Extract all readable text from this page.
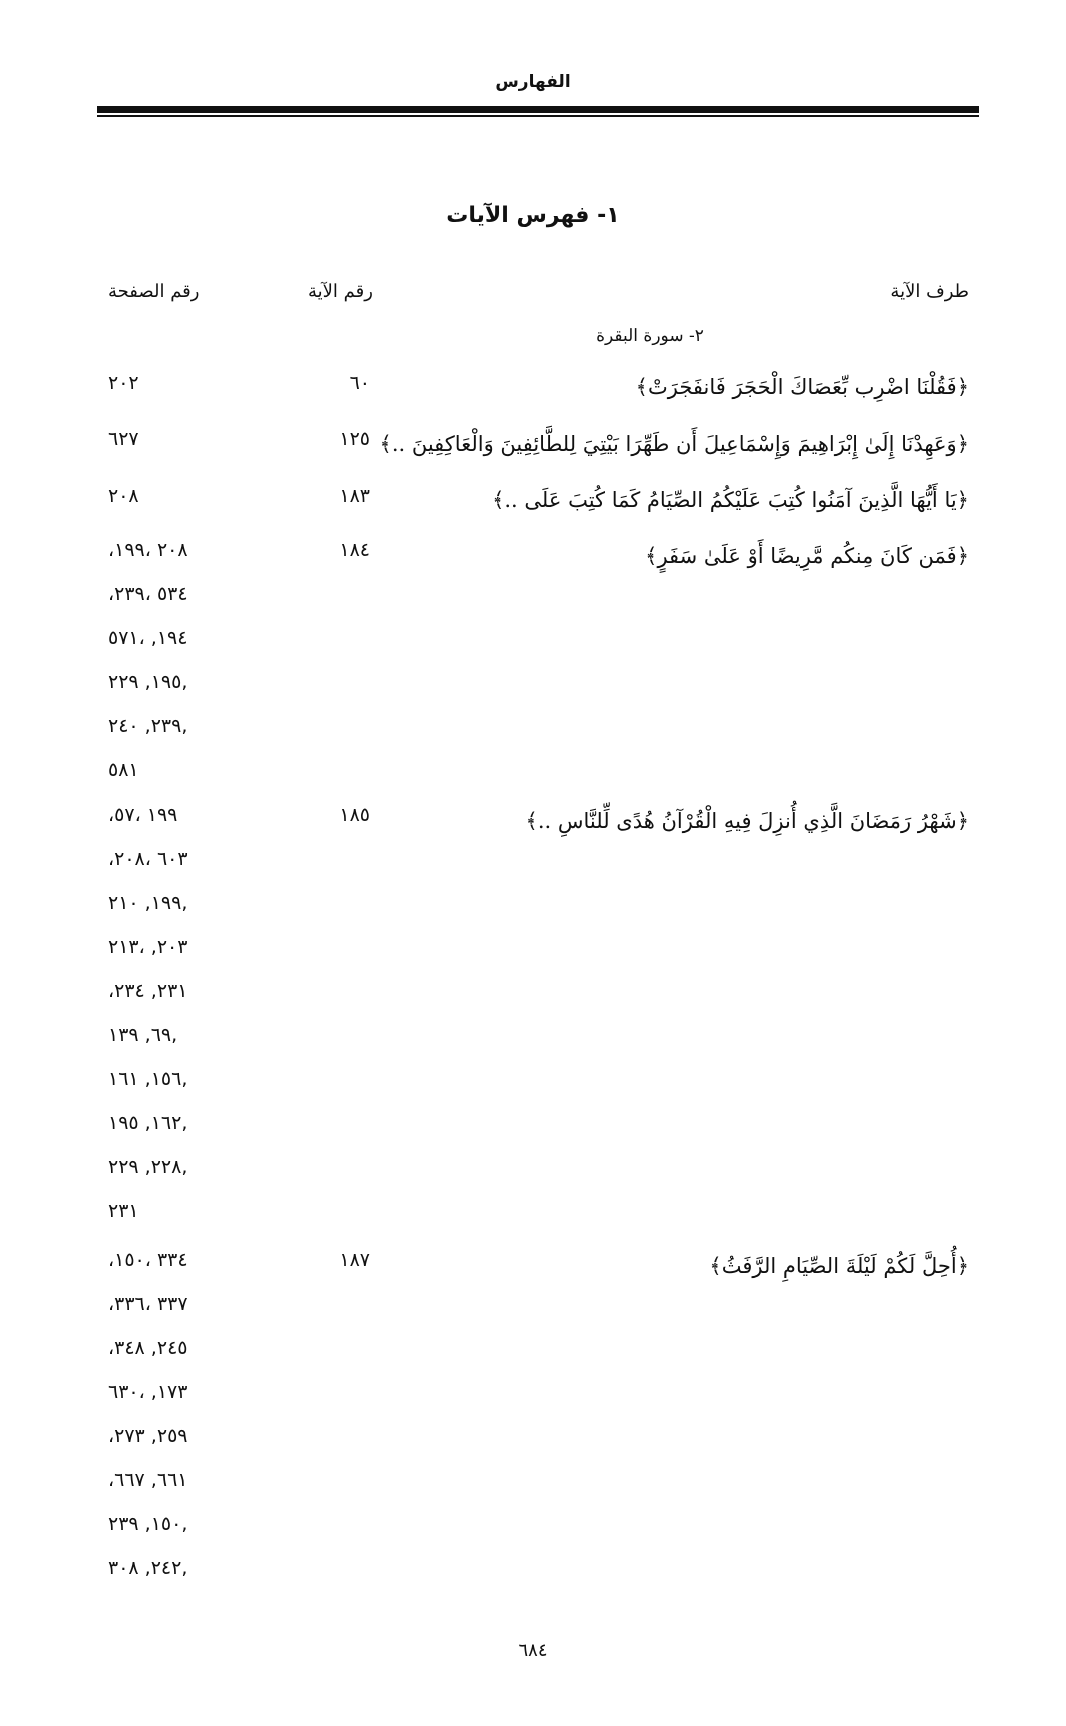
الفهارس
١- فهرس الآيات
رقم الصفحة	رقم الآية	طرف الآية
٢- سورة البقرة
﴿فَقُلْنَا اضْرِب بِّعَصَاكَ الْحَجَرَ فَانفَجَرَتْ﴾
٦٠
٢٠٢
﴿وَعَهِدْنَا إِلَىٰ إِبْرَاهِيمَ وَإِسْمَاعِيلَ أَن طَهِّرَا بَيْتِيَ لِلطَّائِفِينَ وَالْعَاكِفِينَ ..﴾
١٢٥
٦٢٧
﴿يَا أَيُّهَا الَّذِينَ آمَنُوا كُتِبَ عَلَيْكُمُ الصِّيَامُ كَمَا كُتِبَ عَلَى ..﴾
١٨٣
٢٠٨
﴿فَمَن كَانَ مِنكُم مَّرِيضًا أَوْ عَلَىٰ سَفَرٍ﴾
١٨٤
،٢٠٨ ،١٩٩
،٥٣٤ ،٢٣٩
١٩٤, ،٥٧١
١٩٥, ٢٢٩,
٢٣٩, ٢٤٠,
٥٨١
﴿شَهْرُ رَمَضَانَ الَّذِي أُنزِلَ فِيهِ الْقُرْآنُ هُدًى لِّلنَّاسِ ..﴾
١٨٥
،١٩٩ ،٥٧
،٦٠٣ ،٢٠٨
١٩٩, ٢١٠,
٢٠٣, ،٢١٣
،٢٣١, ٢٣٤
٦٩, ١٣٩,
١٥٦, ١٦١,
١٦٢, ١٩٥,
٢٢٨, ٢٢٩,
٢٣١
﴿أُحِلَّ لَكُمْ لَيْلَةَ الصِّيَامِ الرَّفَثُ﴾
١٨٧
،٣٣٤ ،١٥٠
،٣٣٧ ،٣٣٦
،٢٤٥, ٣٤٨
١٧٣, ،٦٣٠
،٢٥٩, ٢٧٣
،٦٦١, ٦٦٧
١٥٠, ٢٣٩,
٢٤٢, ٣٠٨,
٦٨٤
